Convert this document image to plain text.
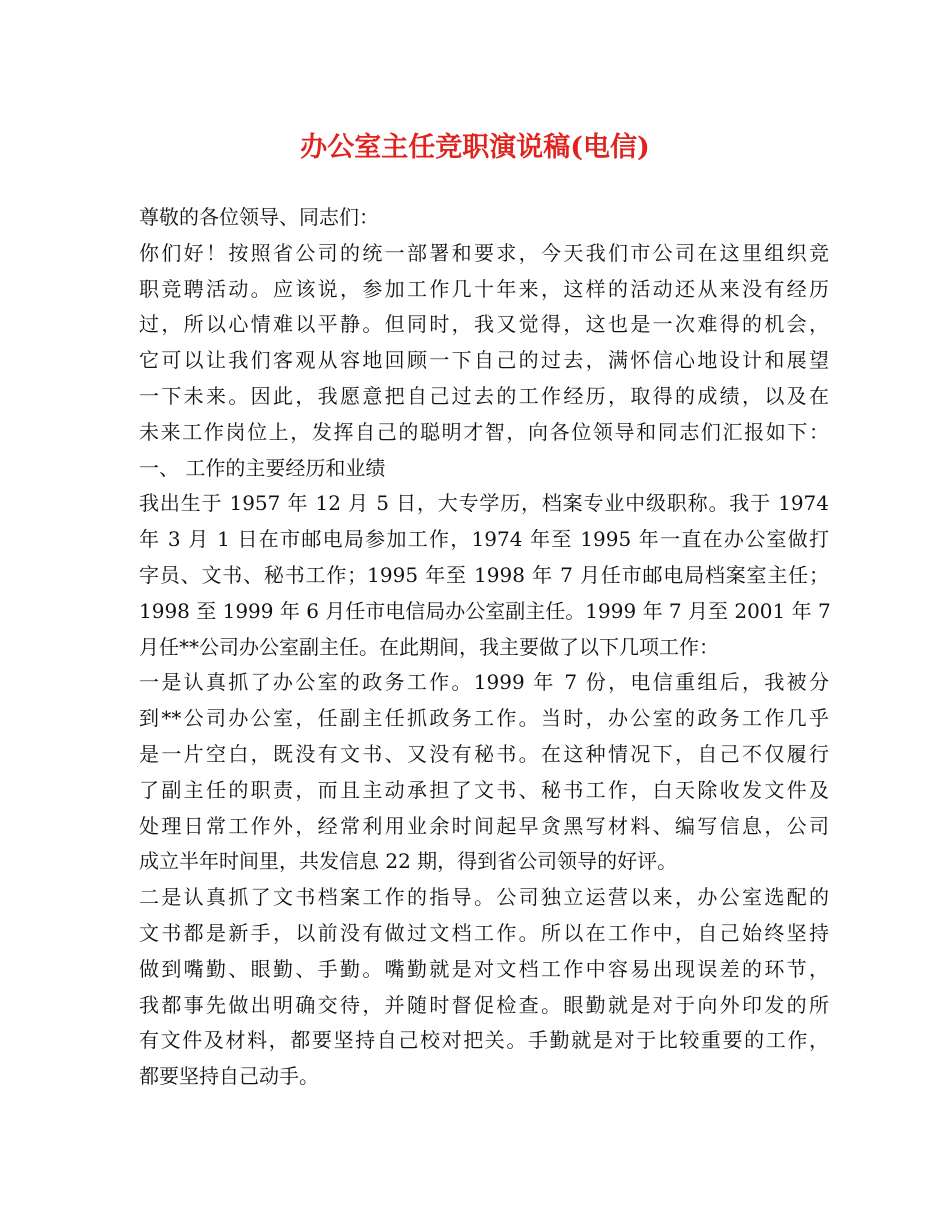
办公室主任竞职演说稿(电信)
尊敬的各位领导、同志们：
你们好！按照省公司的统一部署和要求，今天我们市公司在这里组织竞
职竞聘活动。应该说，参加工作几十年来，这样的活动还从来没有经历
过，所以心情难以平静。但同时，我又觉得，这也是一次难得的机会，
它可以让我们客观从容地回顾一下自己的过去，满怀信心地设计和展望
一下未来。因此，我愿意把自己过去的工作经历，取得的成绩，以及在
未来工作岗位上，发挥自己的聪明才智，向各位领导和同志们汇报如下：
一、 工作的主要经历和业绩
我出生于 1957 年 12 月 5 日，大专学历，档案专业中级职称。我于 1974
年 3 月 1 日在市邮电局参加工作，1974 年至 1995 年一直在办公室做打
字员、文书、秘书工作；1995 年至 1998 年 7 月任市邮电局档案室主任；
1998 至 1999 年 6 月任市电信局办公室副主任。1999 年 7 月至 2001 年 7
月任**公司办公室副主任。在此期间，我主要做了以下几项工作：
一是认真抓了办公室的政务工作。1999 年 7 份，电信重组后，我被分
到**公司办公室，任副主任抓政务工作。当时，办公室的政务工作几乎
是一片空白，既没有文书、又没有秘书。在这种情况下，自己不仅履行
了副主任的职责，而且主动承担了文书、秘书工作，白天除收发文件及
处理日常工作外，经常利用业余时间起早贪黑写材料、编写信息，公司
成立半年时间里，共发信息 22 期，得到省公司领导的好评。
二是认真抓了文书档案工作的指导。公司独立运营以来，办公室选配的
文书都是新手，以前没有做过文档工作。所以在工作中，自己始终坚持
做到嘴勤、眼勤、手勤。嘴勤就是对文档工作中容易出现误差的环节，
我都事先做出明确交待，并随时督促检查。眼勤就是对于向外印发的所
有文件及材料，都要坚持自己校对把关。手勤就是对于比较重要的工作，
都要坚持自己动手。
